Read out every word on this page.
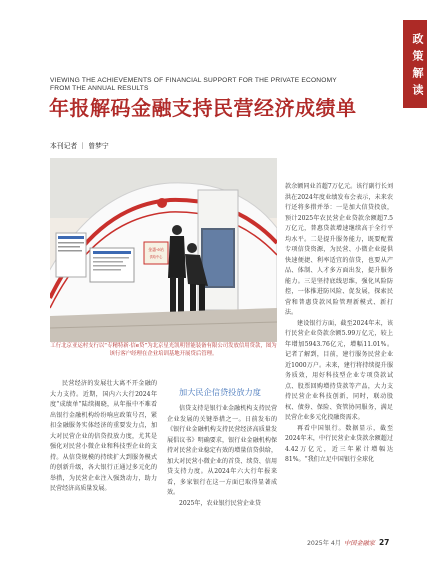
政策解读
VIEWING THE ACHIEVEMENTS OF FINANCIAL SUPPORT FOR THE PRIVATE ECONOMY FROM THE ANNUAL RESULTS
年报解码金融支持民营经济成绩单
本刊记者 ｜ 曾梦宁
金惠·e站
供给中心
工行北京亚运村支行以“专精特新·信e贷”为北京星光凯明智能装备有限公司发放信用贷款，图为该行客户经理在企业培训基地开展贷后管理。

民营经济的发展壮大离不开金融的大力支持。近期，国内六大行2024年度“成绩单”陆续揭晓，从年报中不难看出银行金融机构纷纷响应政策号召，紧扣金融服务实体经济的重要发力点，加大对民营企业的信贷投放力度，尤其是强化对民营小微企业和科技型企业的支持。从信贷规模的持续扩大到服务模式的创新升级，各大银行正通过多元化的举措，为民营企业注入强劲动力，助力民营经济高质量发展。

加大民企信贷投放力度

信贷支持是银行业金融机构支持民营企业发展的关键举措之一。日前发布的《银行业金融机构支持民营经济高质量发展倡议书》明确要求，银行业金融机构保持对民营企业稳定有效的增量信贷供给，加大对民营小微企业的首贷、续贷、信用贷支持力度。从2024年六大行年报来看，多家银行在这一方面已取得显著成效。

2025年，农业银行民营企业贷

款余额同业首超7万亿元。该行副行长刘洪在2024年度业绩发布会表示，未来农行还将多措并举：一是加大信贷投放，预计2025年农民营企业贷款余额超7.5万亿元，普惠贷款增速继续高于全行平均水平。二是提升服务能力，既要配置专项信贷资源，为民营、小微企业提供快速便捷、利率适宜的信贷，也要从产品、体制、人才多方面出发，提升服务能力。三是坚持底线思维，强化风险防控，一体推进防风险、促发展，探索民营和普惠贷款风险管理新模式、新打法。

建设银行方面，截至2024年末，该行民营企业贷款余额5.99万亿元，较上年增加5943.76亿元，增幅11.01%。记者了解到，目前，建行服务民营企业近1000万户。未来，建行将持续提升服务质效，用好科技型企业专项贷款试点、股票回购增持贷款等产品，大力支持民营企业科技创新，同时，联动股权、债券、保险、资管协同服务，满足民营企业多元化投融资需求。

再看中国银行。数据显示，截至2024年末，中行民营企业贷款余额超过4.42万亿元，近三年累计增幅达81%。“我们立足中国银行全球化

2025年 4月 中国金融家 27
